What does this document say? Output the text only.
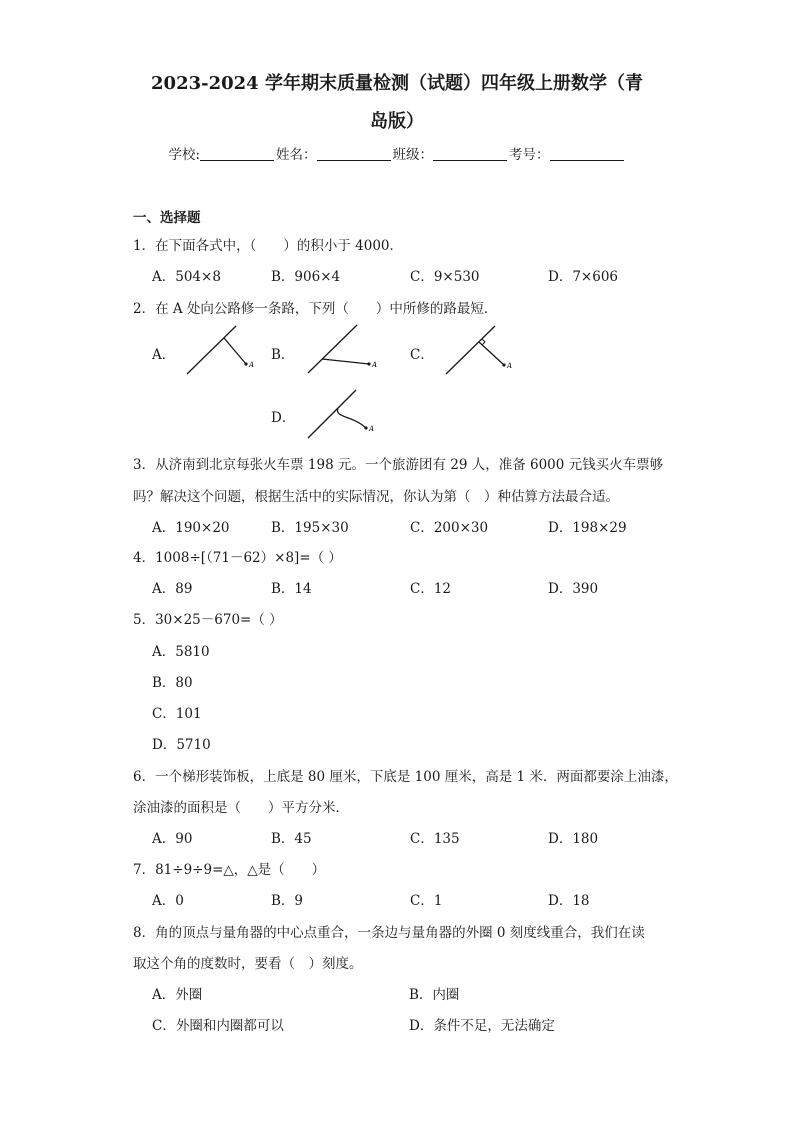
2023-2024 学年期末质量检测（试题）四年级上册数学（青
岛版）
学校:	姓名：	班级：	考号：
一、选择题
1．在下面各式中，（　　）的积小于 4000．
A．504×8	B．906×4	C．9×530	D．7×606
2．在 A 处向公路修一条路，下列（　　）中所修的路最短．
A．
A
B．
A
C．
A
D．
A
3．从济南到北京每张火车票 198 元。一个旅游团有 29 人，准备 6000 元钱买火车票够
吗？解决这个问题，根据生活中的实际情况，你认为第（　）种估算方法最合适。
A．190×20	B．195×30	C．200×30	D．198×29
4．1008÷[（71－62）×8]=（ ）
A．89	B．14	C．12	D．390
5．30×25－670=（ ）
A．5810
B．80
C．101
D．5710
6．一个梯形装饰板，上底是 80 厘米，下底是 100 厘米，高是 1 米．两面都要涂上油漆，
涂油漆的面积是（　　）平方分米．
A．90	B．45	C．135	D．180
7．81÷9÷9=△，△是（　　）
A．0	B．9	C．1	D．18
8．角的顶点与量角器的中心点重合，一条边与量角器的外圈 0 刻度线重合，我们在读
取这个角的度数时，要看（　）刻度。
A．外圈	B．内圈
C．外圈和内圈都可以	D．条件不足，无法确定
